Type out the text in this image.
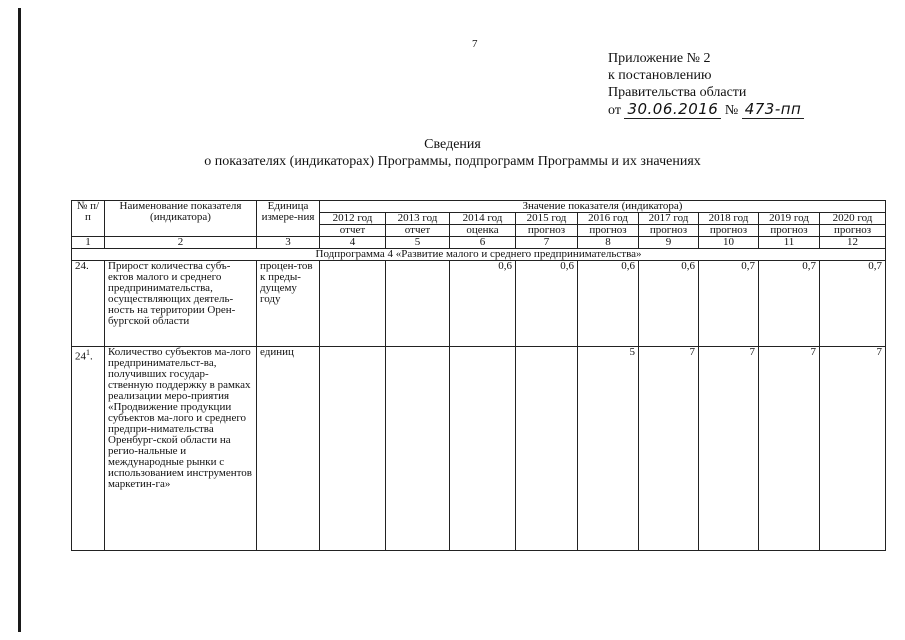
7
Приложение № 2
к постановлению
Правительства области
от 30.06.2016 № 473-пп
Сведения
о показателях (индикаторах) Программы, подпрограмм Программы и их значениях
№ п/п	Наименование показателя (индикатора)	Единица измере-ния	Значение показателя (индикатора)								
			2012 год	2013 год	2014 год	2015 год	2016 год	2017 год	2018 год	2019 год	2020 год
			отчет	отчет	оценка	прогноз	прогноз	прогноз	прогноз	прогноз	прогноз
1	2	3	4	5	6	7	8	9	10	11	12
Подпрограмма 4 «Развитие малого и среднего предпринимательства»											
24.	Прирост количества субъ-ектов малого и среднего предпринимательства, осуществляющих деятель-ность на территории Орен-бургской области	процен-тов к преды-дущему году			0,6	0,6	0,6	0,6	0,7	0,7	0,7
$24^1$.	Количество субъектов ма-лого предпринимательст-ва, получивших государ-ственную поддержку в рамках реализации меро-приятия «Продвижение продукции субъектов ма-лого и среднего предпри-нимательства Оренбург-ской области на регио-нальные и международные рынки с использованием инструментов маркетин-га»	единиц					5	7	7	7	7
